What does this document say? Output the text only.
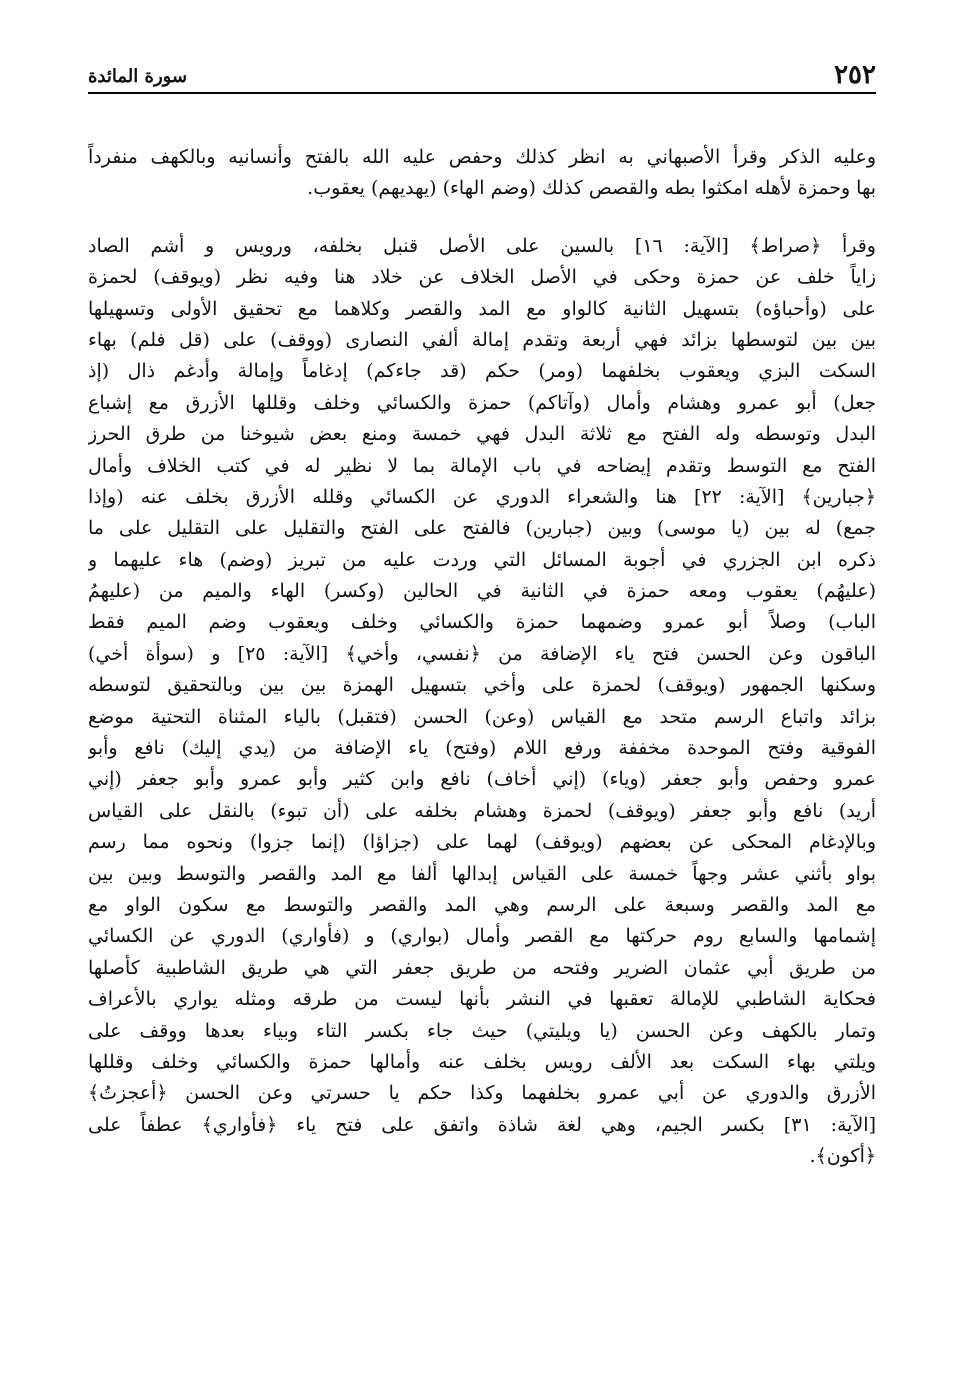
٢٥٢
سورة المائدة
وعليه الذكر وقرأ الأصبهاني به انظر كذلك وحفص عليه الله بالفتح وأنسانيه وبالكهف منفرداً
بها وحمزة لأهله امكثوا بطه والقصص كذلك (وضم الهاء) (يهديهم) يعقوب.
وقرأ ﴿صراط﴾ [الآية: ١٦] بالسين على الأصل قنبل بخلفه، ورويس و أشم الصاد
زاياً خلف عن حمزة وحكى في الأصل الخلاف عن خلاد هنا وفيه نظر (ويوقف) لحمزة
على (وأحباؤه) بتسهيل الثانية كالواو مع المد والقصر وكلاهما مع تحقيق الأولى وتسهيلها
بين بين لتوسطها بزائد فهي أربعة وتقدم إمالة ألفي النصارى (ووقف) على (قل فلم) بهاء
السكت البزي ويعقوب بخلفهما (ومر) حكم (قد جاءكم) إدغاماً وإمالة وأدغم ذال (إذ
جعل) أبو عمرو وهشام وأمال (وآتاكم) حمزة والكسائي وخلف وقللها الأزرق مع إشباع
البدل وتوسطه وله الفتح مع ثلاثة البدل فهي خمسة ومنع بعض شيوخنا من طرق الحرز
الفتح مع التوسط وتقدم إيضاحه في باب الإمالة بما لا نظير له في كتب الخلاف وأمال
﴿جبارين﴾ [الآية: ٢٢] هنا والشعراء الدوري عن الكسائي وقلله الأزرق بخلف عنه (وإذا
جمع) له بين (يا موسى) وبين (جبارين) فالفتح على الفتح والتقليل على التقليل على ما
ذكره ابن الجزري في أجوبة المسائل التي وردت عليه من تبريز (وضم) هاء عليهما و
(عليهُم) يعقوب ومعه حمزة في الثانية في الحالين (وكسر) الهاء والميم من (عليهمُ
الباب) وصلاً أبو عمرو وضمهما حمزة والكسائي وخلف ويعقوب وضم الميم فقط
الباقون وعن الحسن فتح ياء الإضافة من ﴿نفسي، وأخي﴾ [الآية: ٢٥] و (سوأة أخي)
وسكنها الجمهور (ويوقف) لحمزة على وأخي بتسهيل الهمزة بين بين وبالتحقيق لتوسطه
بزائد واتباع الرسم متحد مع القياس (وعن) الحسن (فتقبل) بالياء المثناة التحتية موضع
الفوقية وفتح الموحدة مخففة ورفع اللام (وفتح) ياء الإضافة من (يدي إليك) نافع وأبو
عمرو وحفص وأبو جعفر (وياء) (إني أخاف) نافع وابن كثير وأبو عمرو وأبو جعفر (إني
أريد) نافع وأبو جعفر (ويوقف) لحمزة وهشام بخلفه على (أن تبوء) بالنقل على القياس
وبالإدغام المحكى عن بعضهم (ويوقف) لهما على (جزاؤا) (إنما جزوا) ونحوه مما رسم
بواو بأثني عشر وجهاً خمسة على القياس إبدالها ألفا مع المد والقصر والتوسط وبين بين
مع المد والقصر وسبعة على الرسم وهي المد والقصر والتوسط مع سكون الواو مع
إشمامها والسابع روم حركتها مع القصر وأمال (بواري) و (فأواري) الدوري عن الكسائي
من طريق أبي عثمان الضرير وفتحه من طريق جعفر التي هي طريق الشاطبية كأصلها
فحكاية الشاطبي للإمالة تعقبها في النشر بأنها ليست من طرقه ومثله يواري بالأعراف
وتمار بالكهف وعن الحسن (يا ويليتي) حيث جاء بكسر التاء وبياء بعدها ووقف على
ويلتي بهاء السكت بعد الألف رويس بخلف عنه وأمالها حمزة والكسائي وخلف وقللها
الأزرق والدوري عن أبي عمرو بخلفهما وكذا حكم يا حسرتي وعن الحسن ﴿أعجزتُ﴾
[الآية: ٣١] بكسر الجيم، وهي لغة شاذة واتفق على فتح ياء ﴿فأواري﴾ عطفاً على
﴿أكون﴾.
